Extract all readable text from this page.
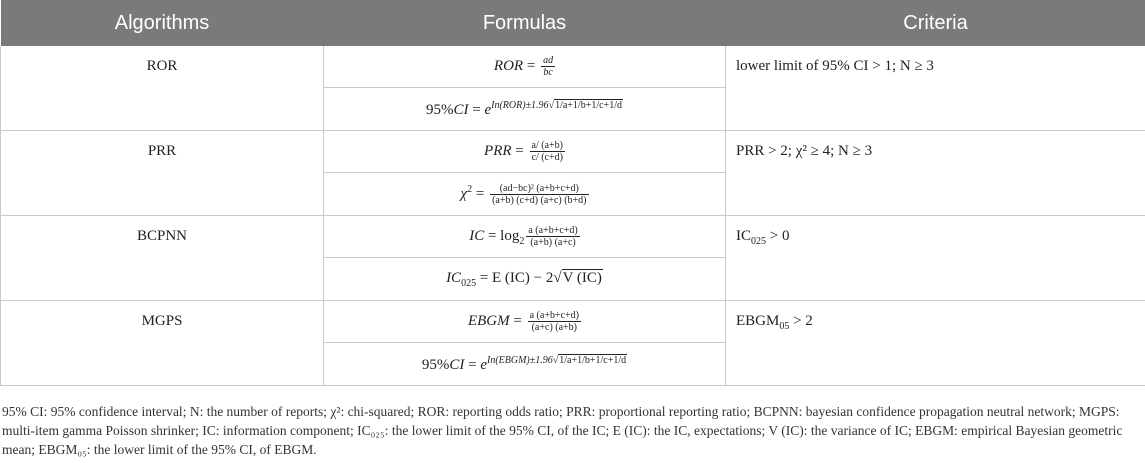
Algorithms	Formulas	Criteria
ROR	ROR = $\frac{ad}{bc}$	lower limit of 95% CI > 1; N ≥ 3
	$95\%CI = e^{In(ROR)\pm 1.96√1/a+1/b+1/c+1/d}$
PRR	PRR = $\frac{a/ (a+b)}{c/ (c+d)}$	PRR > 2; χ² ≥ 4; N ≥ 3
	$\chi^2 = \frac{\text{(ad−bc)² (a+b+c+d)}}{(a+b) (c+d) (a+c) (b+d)}$

BCPNN	IC = $\log_2 \frac{a (a+b+c+d)}{(a+b) (a+c)}$	$IC_{025} > 0$
	$IC_{025} = E$ (IC) − 2√V (IC)	
MGPS	EBGM = $\frac{a (a+b+c+d)}{(a+c) (a+b)}$	$EBGM_{05} > 2$
	$95\%CI = e^{In(EBGM)\pm 1.96√1/a+1/b+1/c+1/d}$

95% CI: 95% confidence interval; N: the number of reports; χ²: chi-squared; ROR: reporting odds ratio; PRR: proportional reporting ratio; BCPNN: bayesian confidence propagation neutral network; MGPS: multi-item gamma Poisson shrinker; IC: information component; IC₀₂₅: the lower limit of the 95% CI, of the IC; E (IC): the IC, expectations; V (IC): the variance of IC; EBGM: empirical Bayesian geometric mean; EBGM₀₅: the lower limit of the 95% CI, of EBGM.
